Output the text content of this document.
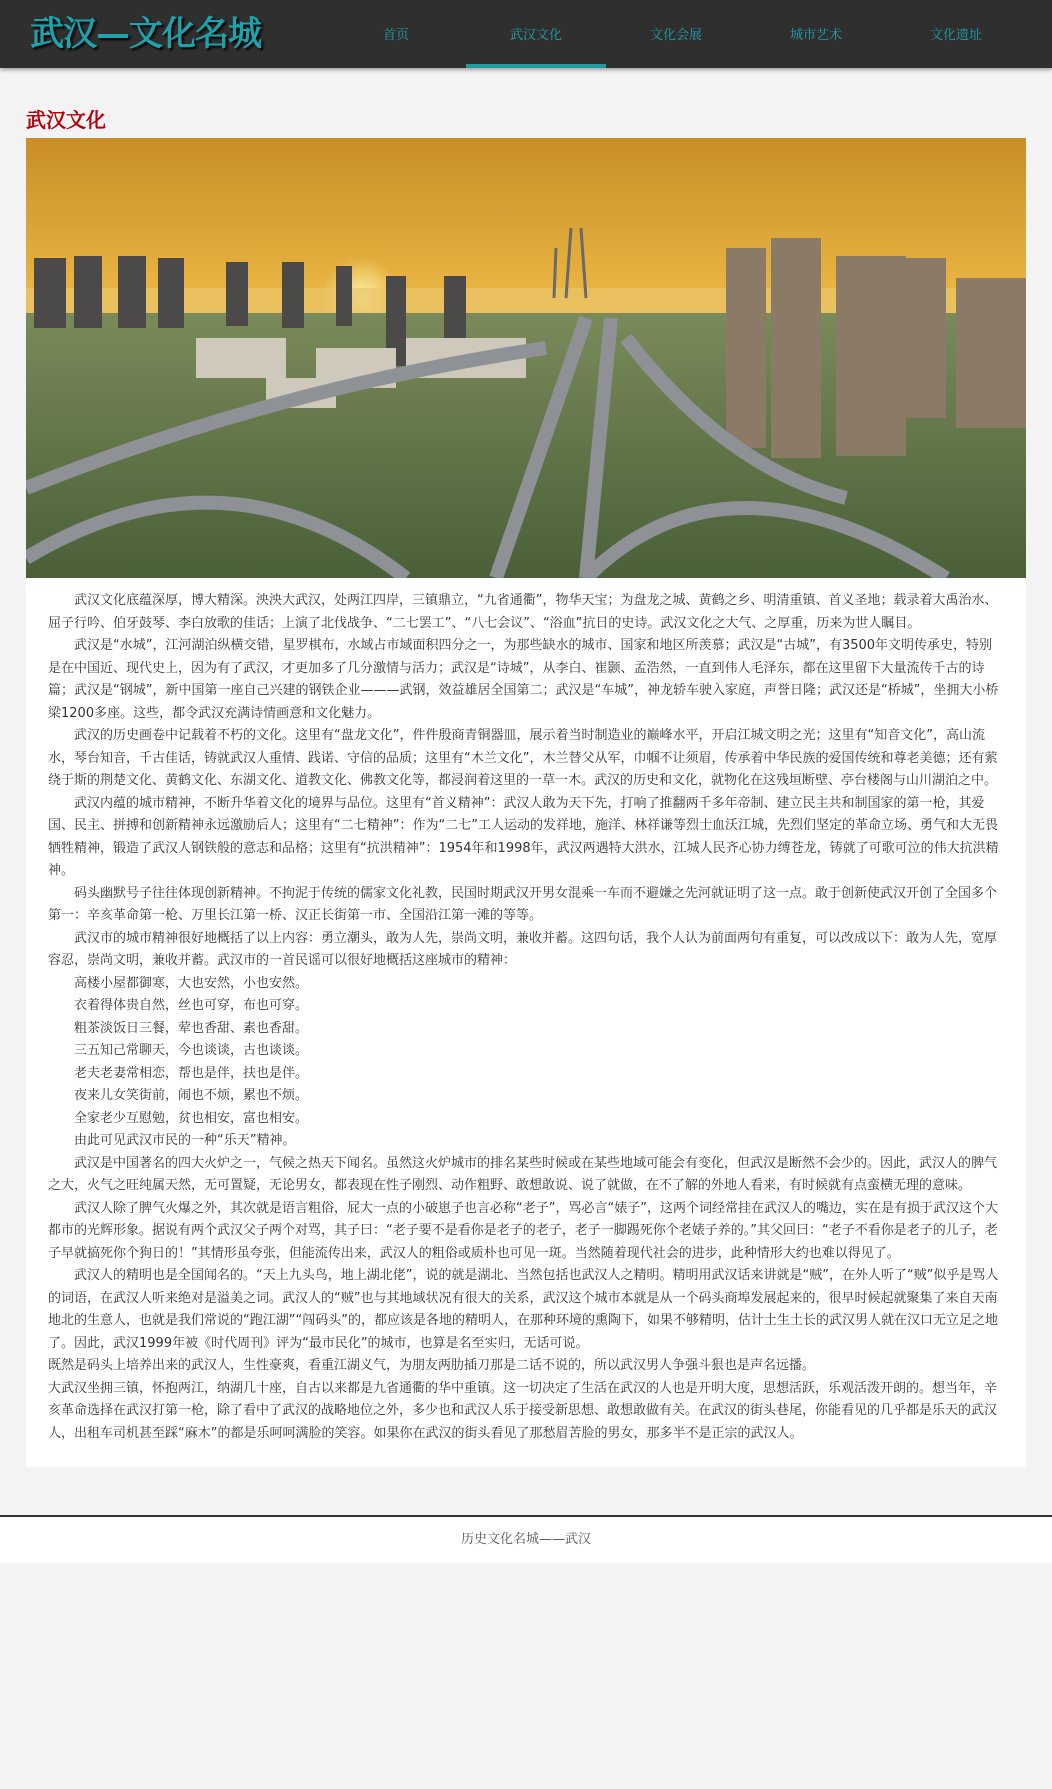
武汉—文化名城	首页	武汉文化	文化会展	城市艺术	文化遗址
武汉文化

武汉文化底蕴深厚，博大精深。泱泱大武汉，处两江四岸，三镇鼎立，“九省通衢”，物华天宝；为盘龙之城、黄鹤之乡、明清重镇、首义圣地；载录着大禹治水、屈子行吟、伯牙鼓琴、李白放歌的佳话；上演了北伐战争、“二七罢工”、“八七会议”、“浴血”抗日的史诗。武汉文化之大气、之厚重，历来为世人瞩目。

武汉是“水城”，江河湖泊纵横交错，星罗棋布，水域占市域面积四分之一，为那些缺水的城市、国家和地区所羡慕；武汉是“古城”，有3500年文明传承史，特别是在中国近、现代史上，因为有了武汉，才更加多了几分激情与活力；武汉是“诗城”，从李白、崔颢、孟浩然，一直到伟人毛泽东，都在这里留下大量流传千古的诗篇；武汉是“钢城”，新中国第一座自己兴建的钢铁企业———武钢，效益雄居全国第二；武汉是“车城”，神龙轿车驶入家庭，声誉日隆；武汉还是“桥城”，坐拥大小桥梁1200多座。这些，都令武汉充满诗情画意和文化魅力。

武汉的历史画卷中记载着不朽的文化。这里有“盘龙文化”，件件殷商青铜器皿，展示着当时制造业的巅峰水平，开启江城文明之光；这里有“知音文化”，高山流水，琴台知音，千古佳话，铸就武汉人重情、践诺、守信的品质；这里有“木兰文化”，木兰替父从军，巾帼不让须眉，传承着中华民族的爱国传统和尊老美德；还有萦绕于斯的荆楚文化、黄鹤文化、东湖文化、道教文化、佛教文化等，都浸润着这里的一草一木。武汉的历史和文化，就物化在这残垣断壁、亭台楼阁与山川湖泊之中。

武汉内蕴的城市精神，不断升华着文化的境界与品位。这里有“首义精神”：武汉人敢为天下先，打响了推翻两千多年帝制、建立民主共和制国家的第一枪，其爱国、民主、拼搏和创新精神永远激励后人；这里有“二七精神”：作为“二七”工人运动的发祥地，施洋、林祥谦等烈士血沃江城，先烈们坚定的革命立场、勇气和大无畏牺牲精神，锻造了武汉人钢铁般的意志和品格；这里有“抗洪精神”：1954年和1998年，武汉两遇特大洪水，江城人民齐心协力缚苍龙，铸就了可歌可泣的伟大抗洪精神。

码头幽默号子往往体现创新精神。不拘泥于传统的儒家文化礼教，民国时期武汉开男女混乘一车而不避嫌之先河就证明了这一点。敢于创新使武汉开创了全国多个第一：辛亥革命第一枪、万里长江第一桥、汉正长街第一市、全国沿江第一滩的等等。

武汉市的城市精神很好地概括了以上内容：勇立潮头，敢为人先，崇尚文明，兼收并蓄。这四句话，我个人认为前面两句有重复，可以改成以下：敢为人先，宽厚容忍，崇尚文明，兼收并蓄。武汉市的一首民谣可以很好地概括这座城市的精神：

高楼小屋都御寒，大也安然，小也安然。

衣着得体贵自然，丝也可穿，布也可穿。

粗茶淡饭日三餐，荤也香甜、素也香甜。

三五知己常聊天，今也谈谈，古也谈谈。

老夫老妻常相恋，帮也是伴，扶也是伴。

夜来儿女笑街前，闹也不烦，累也不烦。

全家老少互慰勉，贫也相安，富也相安。

由此可见武汉市民的一种“乐天”精神。

武汉是中国著名的四大火炉之一，气候之热天下闻名。虽然这火炉城市的排名某些时候或在某些地域可能会有变化，但武汉是断然不会少的。因此，武汉人的脾气之大，火气之旺纯属天然，无可置疑，无论男女，都表现在性子刚烈、动作粗野、敢想敢说、说了就做，在不了解的外地人看来，有时候就有点蛮横无理的意味。

武汉人除了脾气火爆之外，其次就是语言粗俗，屁大一点的小破崽子也言必称“老子”，骂必言“婊子”，这两个词经常挂在武汉人的嘴边，实在是有损于武汉这个大都市的光辉形象。据说有两个武汉父子两个对骂，其子曰：“老子要不是看你是老子的老子，老子一脚踢死你个老婊子养的。”其父回曰：“老子不看你是老子的儿子，老子早就搞死你个狗日的！”其情形虽夸张，但能流传出来，武汉人的粗俗或质朴也可见一斑。当然随着现代社会的进步，此种情形大约也难以得见了。

武汉人的精明也是全国闻名的。“天上九头鸟，地上湖北佬”，说的就是湖北、当然包括也武汉人之精明。精明用武汉话来讲就是“贼”，在外人听了“贼”似乎是骂人的词语，在武汉人听来绝对是溢美之词。武汉人的“贼”也与其地域状况有很大的关系，武汉这个城市本就是从一个码头商埠发展起来的，很早时候起就聚集了来自天南地北的生意人，也就是我们常说的“跑江湖”“闯码头”的，都应该是各地的精明人，在那种环境的熏陶下，如果不够精明，估计土生土长的武汉男人就在汉口无立足之地了。因此，武汉1999年被《时代周刊》评为“最市民化”的城市，也算是名至实归，无话可说。

既然是码头上培养出来的武汉人，生性豪爽，看重江湖义气，为朋友两肋插刀那是二话不说的，所以武汉男人争强斗狠也是声名远播。

大武汉坐拥三镇，怀抱两江，纳湖几十座，自古以来都是九省通衢的华中重镇。这一切决定了生活在武汉的人也是开明大度，思想活跃，乐观活泼开朗的。想当年，辛亥革命选择在武汉打第一枪，除了看中了武汉的战略地位之外，多少也和武汉人乐于接受新思想、敢想敢做有关。在武汉的街头巷尾，你能看见的几乎都是乐天的武汉人，出租车司机甚至踩“麻木”的都是乐呵呵满脸的笑容。如果你在武汉的街头看见了那愁眉苦脸的男女，那多半不是正宗的武汉人。

历史文化名城——武汉
